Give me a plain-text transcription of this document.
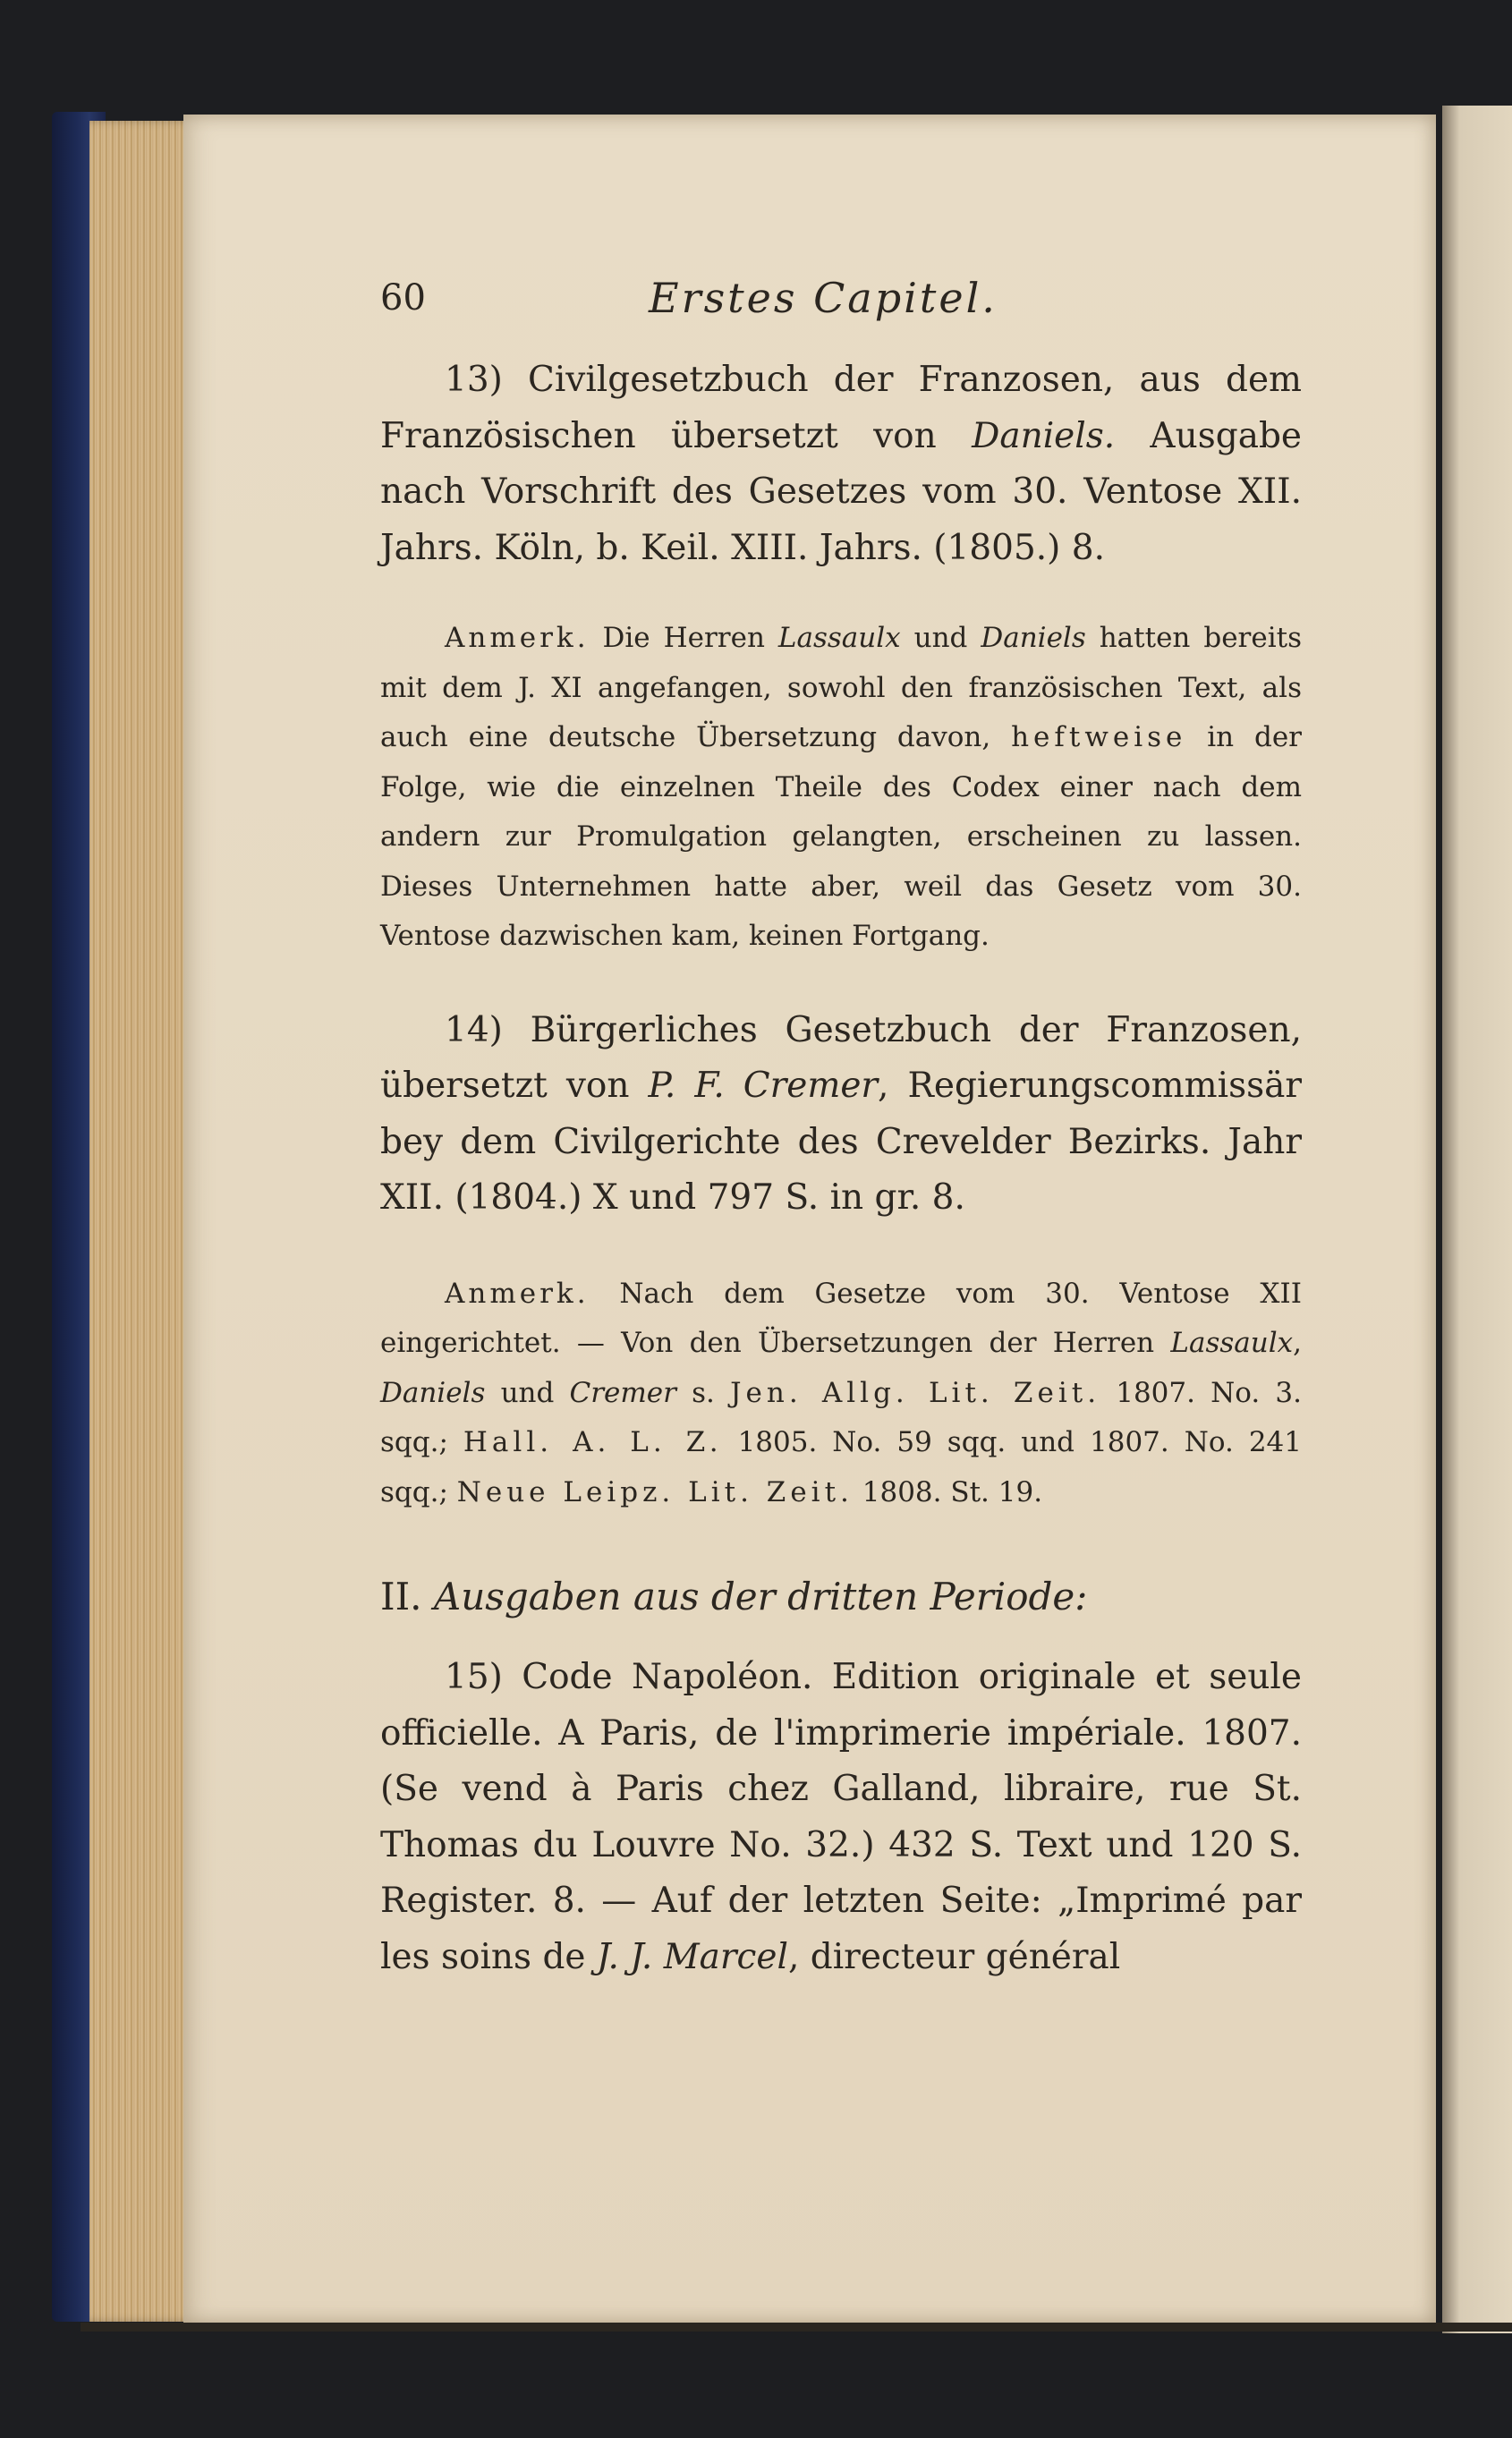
60	Erstes Capitel.

13) Civilgesetzbuch der Franzosen, aus dem Französischen übersetzt von Daniels. Ausgabe nach Vorschrift des Gesetzes vom 30. Ventose XII. Jahrs. Köln, b. Keil. XIII. Jahrs. (1805.) 8.

Anmerk. Die Herren Lassaulx und Daniels hatten bereits mit dem J. XI angefangen, sowohl den französischen Text, als auch eine deutsche Übersetzung davon, heftweise in der Folge, wie die einzelnen Theile des Codex einer nach dem andern zur Promulgation gelangten, erscheinen zu lassen. Dieses Unternehmen hatte aber, weil das Gesetz vom 30. Ventose dazwischen kam, keinen Fortgang.

14) Bürgerliches Gesetzbuch der Franzosen, übersetzt von P. F. Cremer, Regierungscommissär bey dem Civilgerichte des Crevelder Bezirks. Jahr XII. (1804.) X und 797 S. in gr. 8.

Anmerk. Nach dem Gesetze vom 30. Ventose XII eingerichtet. — Von den Übersetzungen der Herren Lassaulx, Daniels und Cremer s. Jen. Allg. Lit. Zeit. 1807. No. 3. sqq.; Hall. A. L. Z. 1805. No. 59 sqq. und 1807. No. 241 sqq.; Neue Leipz. Lit. Zeit. 1808. St. 19.

II. Ausgaben aus der dritten Periode:

15) Code Napoléon. Edition originale et seule officielle. A Paris, de l'imprimerie impériale. 1807. (Se vend à Paris chez Galland, libraire, rue St. Thomas du Louvre No. 32.) 432 S. Text und 120 S. Register. 8. — Auf der letzten Seite: „Imprimé par les soins de J. J. Marcel, directeur général
